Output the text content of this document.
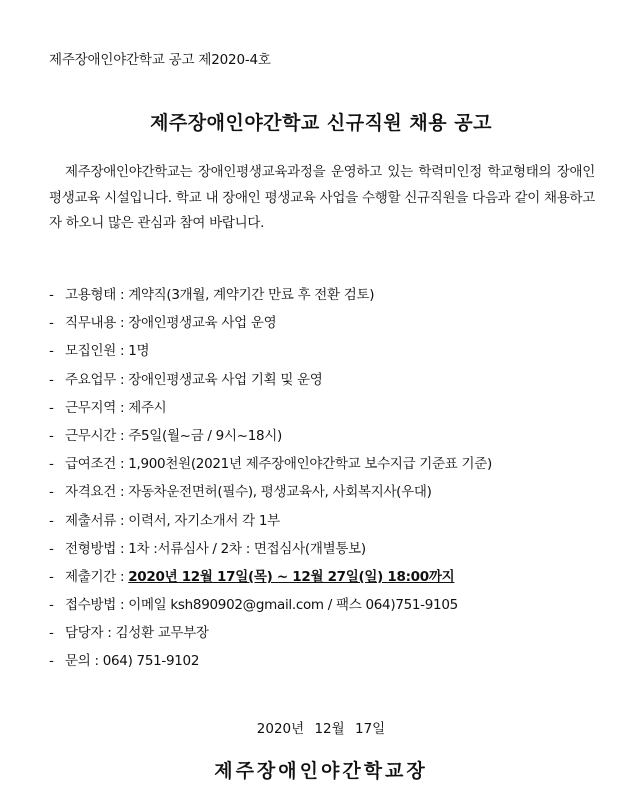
제주장애인야간학교 공고 제2020-4호
제주장애인야간학교 신규직원 채용 공고

제주장애인야간학교는 장애인평생교육과정을 운영하고 있는 학력미인정 학교형태의 장애인 평생교육 시설입니다. 학교 내 장애인 평생교육 사업을 수행할 신규직원을 다음과 같이 채용하고자 하오니 많은 관심과 참여 바랍니다.

- 고용형태 : 계약직(3개월, 계약기간 만료 후 전환 검토)
- 직무내용 : 장애인평생교육 사업 운영
- 모집인원 : 1명
- 주요업무 : 장애인평생교육 사업 기획 및 운영
- 근무지역 : 제주시
- 근무시간 : 주5일(월~금 / 9시~18시)
- 급여조건 : 1,900천원(2021년 제주장애인야간학교 보수지급 기준표 기준)
- 자격요건 : 자동차운전면허(필수), 평생교육사, 사회복지사(우대)
- 제출서류 : 이력서, 자기소개서 각 1부
- 전형방법 : 1차 :서류심사 / 2차 : 면접심사(개별통보)
- 제출기간 : 2020년 12월 17일(목) ~ 12월 27일(일) 18:00까지
- 접수방법 : 이메일 ksh890902@gmail.com / 팩스 064)751-9105
- 담당자 : 김성환 교무부장
- 문의 : 064) 751-9102
2020년 12월 17일
제주장애인야간학교장
